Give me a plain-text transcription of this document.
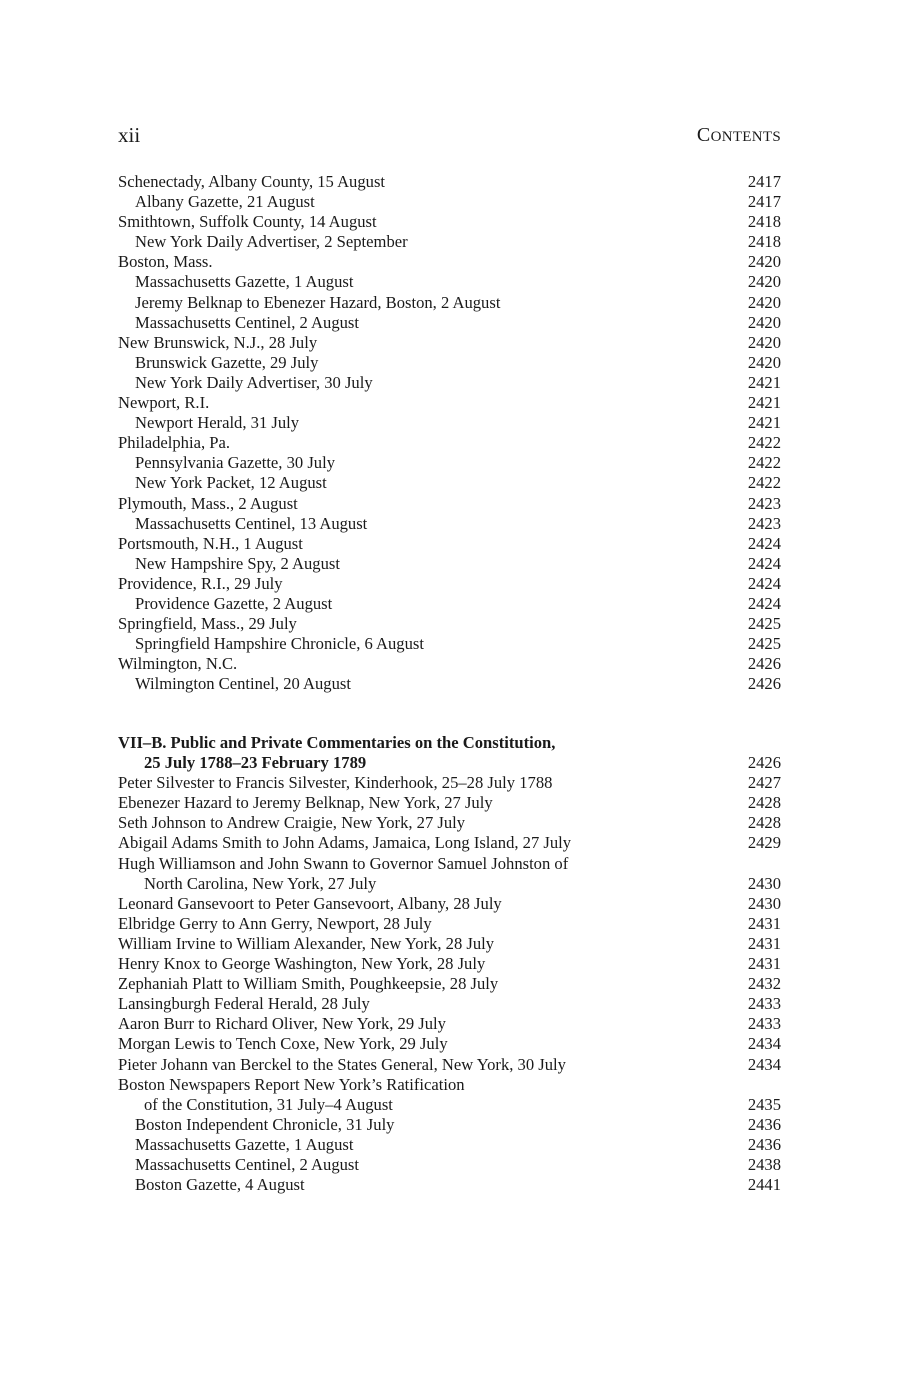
xii	CONTENTS
Schenectady, Albany County, 15 August	2417
Albany Gazette, 21 August	2417
Smithtown, Suffolk County, 14 August	2418
New York Daily Advertiser, 2 September	2418
Boston, Mass.	2420
Massachusetts Gazette, 1 August	2420
Jeremy Belknap to Ebenezer Hazard, Boston, 2 August	2420
Massachusetts Centinel, 2 August	2420
New Brunswick, N.J., 28 July	2420
Brunswick Gazette, 29 July	2420
New York Daily Advertiser, 30 July	2421
Newport, R.I.	2421
Newport Herald, 31 July	2421
Philadelphia, Pa.	2422
Pennsylvania Gazette, 30 July	2422
New York Packet, 12 August	2422
Plymouth, Mass., 2 August	2423
Massachusetts Centinel, 13 August	2423
Portsmouth, N.H., 1 August	2424
New Hampshire Spy, 2 August	2424
Providence, R.I., 29 July	2424
Providence Gazette, 2 August	2424
Springfield, Mass., 29 July	2425
Springfield Hampshire Chronicle, 6 August	2425
Wilmington, N.C.	2426
Wilmington Centinel, 20 August	2426
VII–B. Public and Private Commentaries on the Constitution,
25 July 1788–23 February 1789	2426
Peter Silvester to Francis Silvester, Kinderhook, 25–28 July 1788	2427
Ebenezer Hazard to Jeremy Belknap, New York, 27 July	2428
Seth Johnson to Andrew Craigie, New York, 27 July	2428
Abigail Adams Smith to John Adams, Jamaica, Long Island, 27 July	2429
Hugh Williamson and John Swann to Governor Samuel Johnston of
North Carolina, New York, 27 July	2430
Leonard Gansevoort to Peter Gansevoort, Albany, 28 July	2430
Elbridge Gerry to Ann Gerry, Newport, 28 July	2431
William Irvine to William Alexander, New York, 28 July	2431
Henry Knox to George Washington, New York, 28 July	2431
Zephaniah Platt to William Smith, Poughkeepsie, 28 July	2432
Lansingburgh Federal Herald, 28 July	2433
Aaron Burr to Richard Oliver, New York, 29 July	2433
Morgan Lewis to Tench Coxe, New York, 29 July	2434
Pieter Johann van Berckel to the States General, New York, 30 July	2434
Boston Newspapers Report New York’s Ratification
of the Constitution, 31 July–4 August	2435
Boston Independent Chronicle, 31 July	2436
Massachusetts Gazette, 1 August	2436
Massachusetts Centinel, 2 August	2438
Boston Gazette, 4 August	2441
